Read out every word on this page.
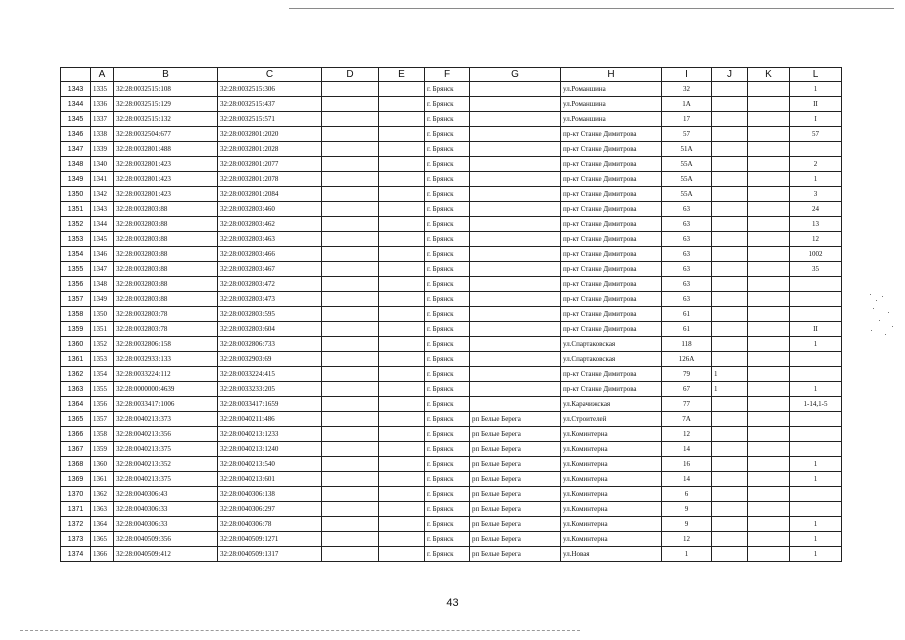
	A	B	C	D	E	F	G	H	I	J	K	L
1343	1335	32:28:0032515:108	32:28:0032515:306			г. Брянск		ул.Романшина	32			1
1344	1336	32:28:0032515:129	32:28:0032515:437			г. Брянск		ул.Романшина	1А			II
1345	1337	32:28:0032515:132	32:28:0032515:571			г. Брянск		ул.Романшина	17			I
1346	1338	32:28:0032504:677	32:28:0032801:2020			г. Брянск		пр-кт Станке Димитрова	57			57
1347	1339	32:28:0032801:488	32:28:0032801:2028			г. Брянск		пр-кт Станке Димитрова	51А			
1348	1340	32:28:0032801:423	32:28:0032801:2077			г. Брянск		пр-кт Станке Димитрова	55А			2
1349	1341	32:28:0032801:423	32:28:0032801:2078			г. Брянск		пр-кт Станке Димитрова	55А			1
1350	1342	32:28:0032801:423	32:28:0032801:2084			г. Брянск		пр-кт Станке Димитрова	55А			3
1351	1343	32:28:0032803:88	32:28:0032803:460			г. Брянск		пр-кт Станке Димитрова	63			24
1352	1344	32:28:0032803:88	32:28:0032803:462			г. Брянск		пр-кт Станке Димитрова	63			13
1353	1345	32:28:0032803:88	32:28:0032803:463			г. Брянск		пр-кт Станке Димитрова	63			12
1354	1346	32:28:0032803:88	32:28:0032803:466			г. Брянск		пр-кт Станке Димитрова	63			1002
1355	1347	32:28:0032803:88	32:28:0032803:467			г. Брянск		пр-кт Станке Димитрова	63			35
1356	1348	32:28:0032803:88	32:28:0032803:472			г. Брянск		пр-кт Станке Димитрова	63			
1357	1349	32:28:0032803:88	32:28:0032803:473			г. Брянск		пр-кт Станке Димитрова	63			
1358	1350	32:28:0032803:78	32:28:0032803:595			г. Брянск		пр-кт Станке Димитрова	61			
1359	1351	32:28:0032803:78	32:28:0032803:604			г. Брянск		пр-кт Станке Димитрова	61			II
1360	1352	32:28:0032806:158	32:28:0032806:733			г. Брянск		ул.Спартаковская	118			1
1361	1353	32:28:0032933:133	32:28:0032903:69			г. Брянск		ул.Спартаковская	126А			
1362	1354	32:28:0033224:112	32:28:0033224:415			г. Брянск		пр-кт Станке Димитрова	79	1		
1363	1355	32:28:0000000:4639	32:28:0033233:205			г. Брянск		пр-кт Станке Димитрова	67	1		1
1364	1356	32:28:0033417:1006	32:28:0033417:1659			г. Брянск		ул.Карачижская	77			1-14,1-5
1365	1357	32:28:0040213:373	32:28:0040211:486			г. Брянск	рп Белые Берега	ул.Строителей	7А			
1366	1358	32:28:0040213:356	32:28:0040213:1233			г. Брянск	рп Белые Берега	ул.Коминтерна	12			
1367	1359	32:28:0040213:375	32:28:0040213:1240			г. Брянск	рп Белые Берега	ул.Коминтерна	14			
1368	1360	32:28:0040213:352	32:28:0040213:540			г. Брянск	рп Белые Берега	ул.Коминтерна	16			1
1369	1361	32:28:0040213:375	32:28:0040213:601			г. Брянск	рп Белые Берега	ул.Коминтерна	14			1
1370	1362	32:28:0040306:43	32:28:0040306:138			г. Брянск	рп Белые Берега	ул.Коминтерна	6			
1371	1363	32:28:0040306:33	32:28:0040306:297			г. Брянск	рп Белые Берега	ул.Коминтерна	9			
1372	1364	32:28:0040306:33	32:28:0040306:78			г. Брянск	рп Белые Берега	ул.Коминтерна	9			1
1373	1365	32:28:0040509:356	32:28:0040509:1271			г. Брянск	рп Белые Берега	ул.Коминтерна	12			1
1374	1366	32:28:0040509:412	32:28:0040509:1317			г. Брянск	рп Белые Берега	ул.Новая	1			1
43
